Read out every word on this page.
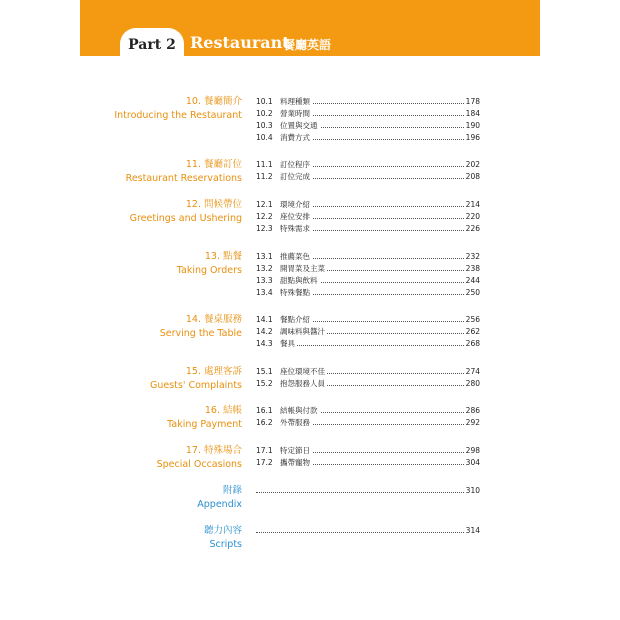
Part 2 Restaurant
餐廳英語
10. 餐廳簡介
Introducing the Restaurant
10.1 料理種類	178
10.2 營業時間	184
10.3 位置與交通	190
10.4 消費方式	196
11. 餐廳訂位
Restaurant Reservations
11.1 訂位程序	202
11.2 訂位完成	208
12. 問候帶位
Greetings and Ushering
12.1 環境介紹	214
12.2 座位安排	220
12.3 特殊需求	226
13. 點餐
Taking Orders
13.1 推薦菜色	232
13.2 開胃菜及主菜	238
13.3 甜點與飲料	244
13.4 特殊餐點	250
14. 餐桌服務
Serving the Table
14.1 餐點介紹	256
14.2 調味料與醬汁	262
14.3 餐具	268
15. 處理客訴
Guests' Complaints
15.1 座位環境不佳	274
15.2 抱怨服務人員	280
16. 結帳
Taking Payment
16.1 結帳與付款	286
16.2 外帶服務	292
17. 特殊場合
Special Occasions
17.1 特定節日	298
17.2 攜帶寵物	304
附錄
Appendix
310
聽力內容
Scripts
314
